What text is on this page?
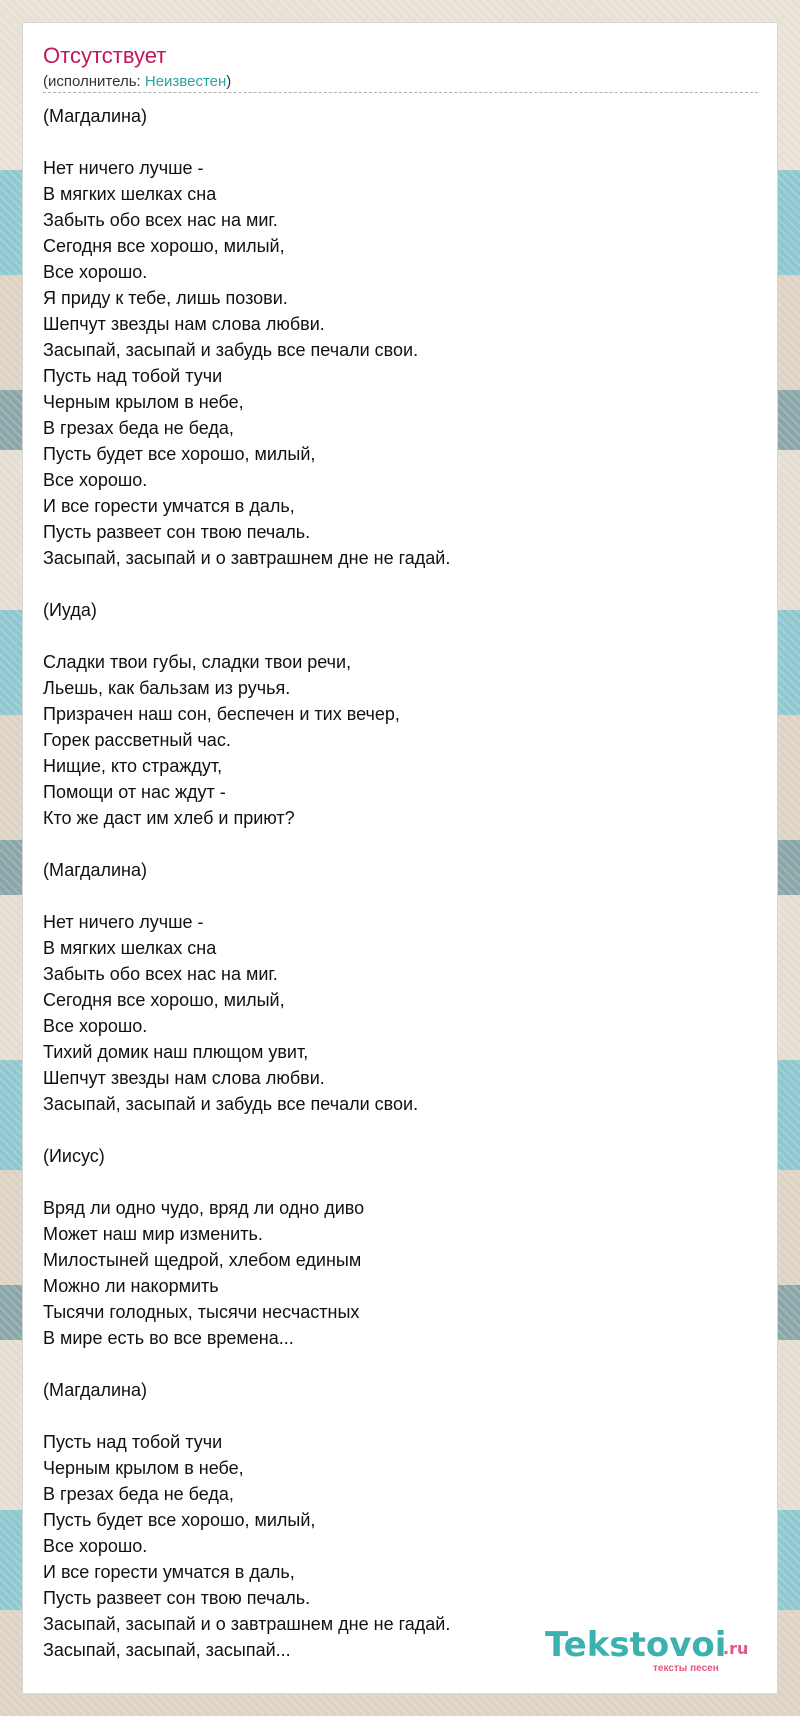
Отсутствует
(исполнитель: Неизвестен)
(Магдалина)
Нет ничего лучше -
В мягких шелках сна
Забыть обо всех нас на миг.
Сегодня все хорошо, милый,
Все хорошо.
Я приду к тебе, лишь позови.
Шепчут звезды нам слова любви.
Засыпай, засыпай и забудь все печали свои.
Пусть над тобой тучи
Черным крылом в небе,
В грезах беда не беда,
Пусть будет все хорошо, милый,
Все хорошо.
И все горести умчатся в даль,
Пусть развеет сон твою печаль.
Засыпай, засыпай и о завтрашнем дне не гадай.
(Иуда)
Сладки твои губы, сладки твои речи,
Льешь, как бальзам из ручья.
Призрачен наш сон, беспечен и тих вечер,
Горек рассветный час.
Нищие, кто страждут,
Помощи от нас ждут -
Кто же даст им хлеб и приют?
(Магдалина)
Нет ничего лучше -
В мягких шелках сна
Забыть обо всех нас на миг.
Сегодня все хорошо, милый,
Все хорошо.
Тихий домик наш плющом увит,
Шепчут звезды нам слова любви.
Засыпай, засыпай и забудь все печали свои.
(Иисус)
Вряд ли одно чудо, вряд ли одно диво
Может наш мир изменить.
Милостыней щедрой, хлебом единым
Можно ли накормить
Тысячи голодных, тысячи несчастных
В мире есть во все времена...
(Магдалина)
Пусть над тобой тучи
Черным крылом в небе,
В грезах беда не беда,
Пусть будет все хорошо, милый,
Все хорошо.
И все горести умчатся в даль,
Пусть развеет сон твою печаль.
Засыпай, засыпай и о завтрашнем дне не гадай.
Засыпай, засыпай, засыпай...	Tekstovoi
.ru
тексты песен
